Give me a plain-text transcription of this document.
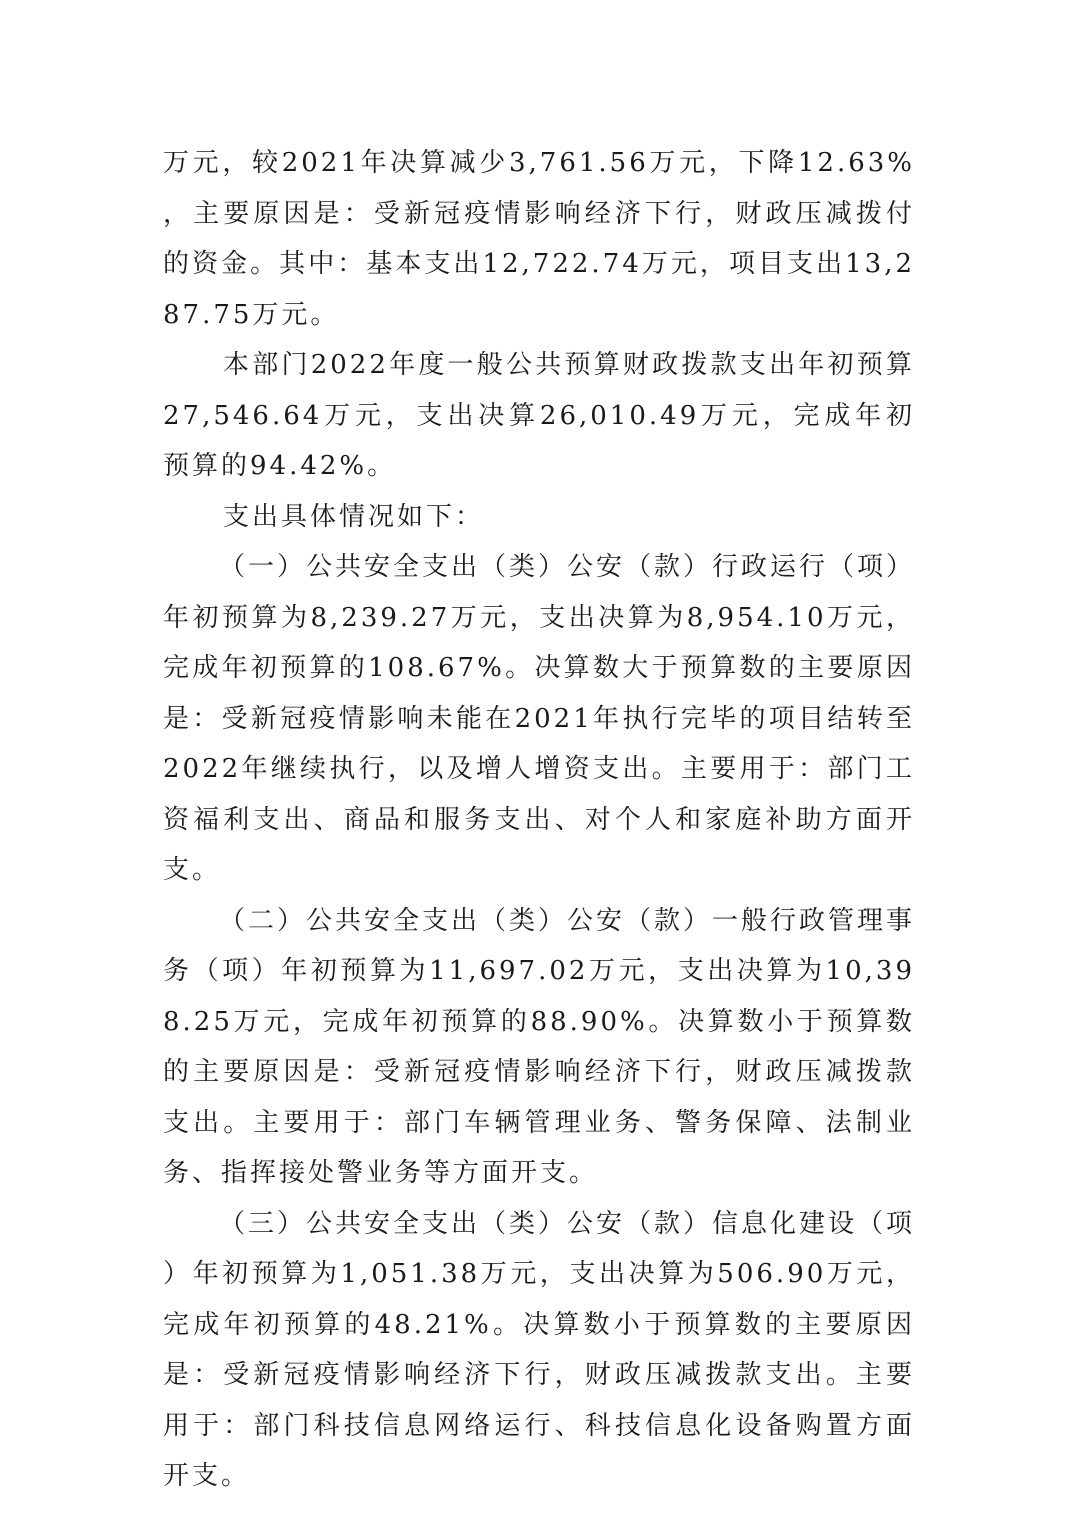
万元，较2021年决算减少3,761.56万元，下降12.63%，主要原因是：受新冠疫情影响经济下行，财政压减拨付的资金。其中：基本支出12,722.74万元，项目支出13,287.75万元。

本部门2022年度一般公共预算财政拨款支出年初预算27,546.64万元，支出决算26,010.49万元，完成年初预算的94.42%。

支出具体情况如下：

（一）公共安全支出（类）公安（款）行政运行（项）年初预算为8,239.27万元，支出决算为8,954.10万元，完成年初预算的108.67%。决算数大于预算数的主要原因是：受新冠疫情影响未能在2021年执行完毕的项目结转至2022年继续执行，以及增人增资支出。主要用于：部门工资福利支出、商品和服务支出、对个人和家庭补助方面开支。

（二）公共安全支出（类）公安（款）一般行政管理事务（项）年初预算为11,697.02万元，支出决算为10,398.25万元，完成年初预算的88.90%。决算数小于预算数的主要原因是：受新冠疫情影响经济下行，财政压减拨款支出。主要用于：部门车辆管理业务、警务保障、法制业务、指挥接处警业务等方面开支。

（三）公共安全支出（类）公安（款）信息化建设（项）年初预算为1,051.38万元，支出决算为506.90万元，完成年初预算的48.21%。决算数小于预算数的主要原因是：受新冠疫情影响经济下行，财政压减拨款支出。主要用于：部门科技信息网络运行、科技信息化设备购置方面开支。
